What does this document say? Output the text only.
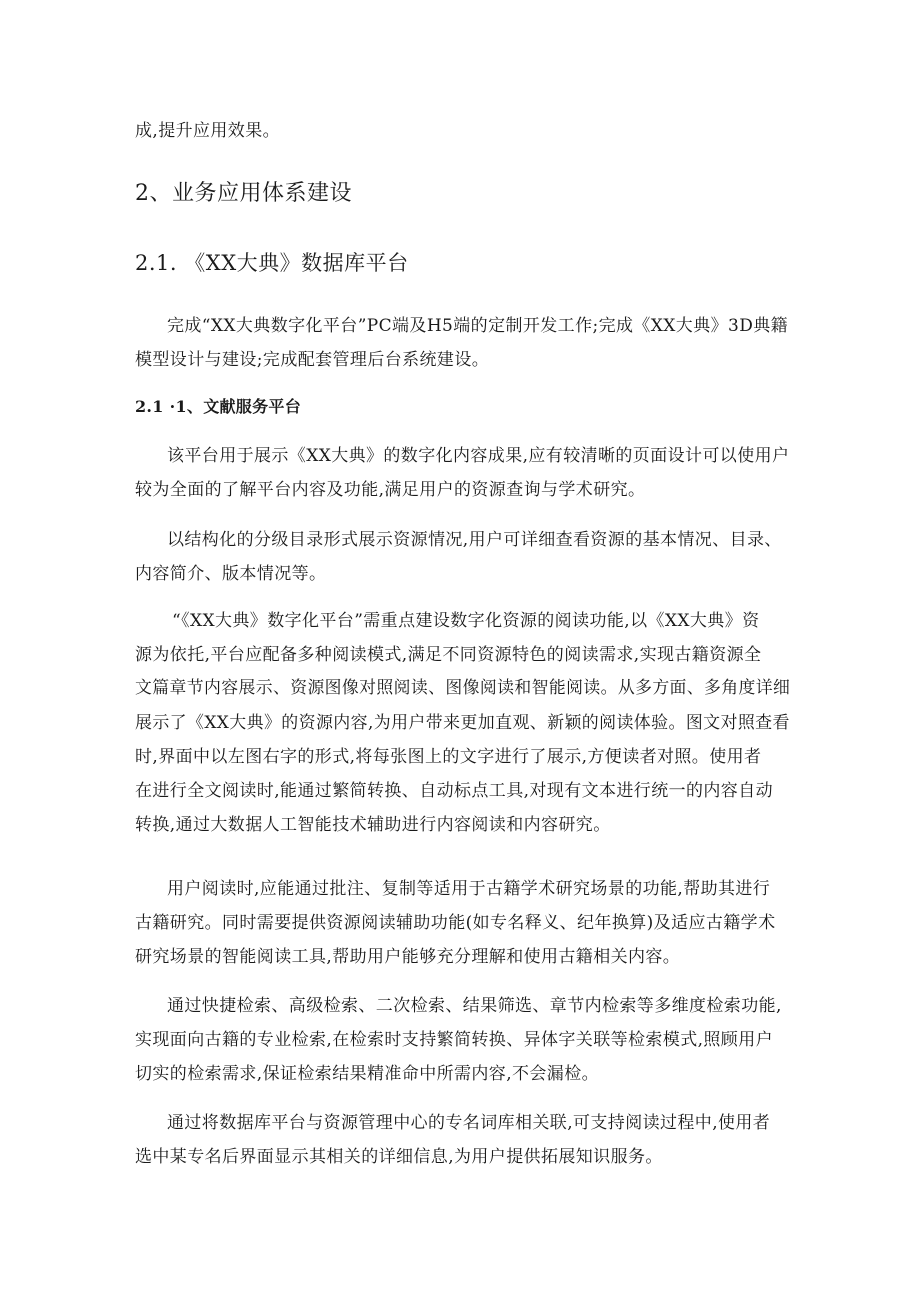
成,提升应用效果。

2、业务应用体系建设

2.1. 《XX大典》数据库平台

完成“XX大典数字化平台”PC端及H5端的定制开发工作;完成《XX大典》3D典籍

模型设计与建设;完成配套管理后台系统建设。

2.1 ·1、文献服务平台

该平台用于展示《XX大典》的数字化内容成果,应有较清晰的页面设计可以使用户

较为全面的了解平台内容及功能,满足用户的资源查询与学术研究。

以结构化的分级目录形式展示资源情况,用户可详细查看资源的基本情况、目录、

内容简介、版本情况等。

“《XX大典》数字化平台”需重点建设数字化资源的阅读功能,以《XX大典》资

源为依托,平台应配备多种阅读模式,满足不同资源特色的阅读需求,实现古籍资源全

文篇章节内容展示、资源图像对照阅读、图像阅读和智能阅读。从多方面、多角度详细

展示了《XX大典》的资源内容,为用户带来更加直观、新颖的阅读体验。图文对照查看

时,界面中以左图右字的形式,将每张图上的文字进行了展示,方便读者对照。使用者

在进行全文阅读时,能通过繁简转换、自动标点工具,对现有文本进行统一的内容自动

转换,通过大数据人工智能技术辅助进行内容阅读和内容研究。

用户阅读时,应能通过批注、复制等适用于古籍学术研究场景的功能,帮助其进行

古籍研究。同时需要提供资源阅读辅助功能(如专名释义、纪年换算)及适应古籍学术

研究场景的智能阅读工具,帮助用户能够充分理解和使用古籍相关内容。

通过快捷检索、高级检索、二次检索、结果筛选、章节内检索等多维度检索功能,

实现面向古籍的专业检索,在检索时支持繁简转换、异体字关联等检索模式,照顾用户

切实的检索需求,保证检索结果精准命中所需内容,不会漏检。

通过将数据库平台与资源管理中心的专名词库相关联,可支持阅读过程中,使用者

选中某专名后界面显示其相关的详细信息,为用户提供拓展知识服务。
